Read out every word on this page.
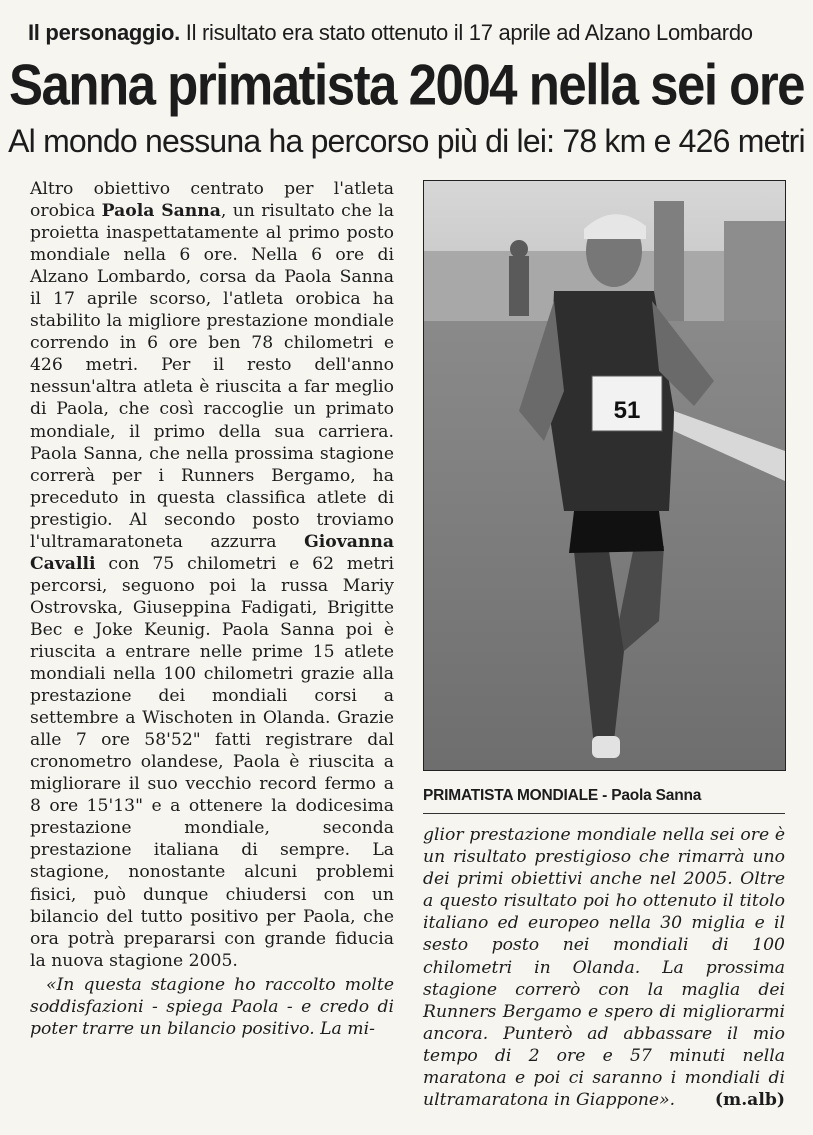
Il personaggio. Il risultato era stato ottenuto il 17 aprile ad Alzano Lombardo
Sanna primatista 2004 nella sei ore
Al mondo nessuna ha percorso più di lei: 78 km e 426 metri

Altro obiettivo centrato per l'atleta orobica Paola Sanna, un risultato che la proietta inaspettatamente al primo posto mondiale nella 6 ore. Nella 6 ore di Alzano Lombardo, corsa da Paola Sanna il 17 aprile scorso, l'atleta orobica ha stabilito la migliore prestazione mondiale correndo in 6 ore ben 78 chilometri e 426 metri. Per il resto dell'anno nessun'altra atleta è riuscita a far meglio di Paola, che così raccoglie un primato mondiale, il primo della sua carriera. Paola Sanna, che nella prossima stagione correrà per i Runners Bergamo, ha preceduto in questa classifica atlete di prestigio. Al secondo posto troviamo l'ultramaratoneta azzurra Giovanna Cavalli con 75 chilometri e 62 metri percorsi, seguono poi la russa Mariy Ostrovska, Giuseppina Fadigati, Brigitte Bec e Joke Keunig. Paola Sanna poi è riuscita a entrare nelle prime 15 atlete mondiali nella 100 chilometri grazie alla prestazione dei mondiali corsi a settembre a Wischoten in Olanda. Grazie alle 7 ore 58'52" fatti registrare dal cronometro olandese, Paola è riuscita a migliorare il suo vecchio record fermo a 8 ore 15'13" e a ottenere la dodicesima prestazione mondiale, seconda prestazione italiana di sempre. La stagione, nonostante alcuni problemi fisici, può dunque chiudersi con un bilancio del tutto positivo per Paola, che ora potrà prepararsi con grande fiducia la nuova stagione 2005.

«In questa stagione ho raccolto molte soddisfazioni - spiega Paola - e credo di poter trarre un bilancio positivo. La mi-

51
PRIMATISTA MONDIALE - Paola Sanna

glior prestazione mondiale nella sei ore è un risultato prestigioso che rimarrà uno dei primi obiettivi anche nel 2005. Oltre a questo risultato poi ho ottenuto il titolo italiano ed europeo nella 30 miglia e il sesto posto nei mondiali di 100 chilometri in Olanda. La prossima stagione correrò con la maglia dei Runners Bergamo e spero di migliorarmi ancora. Punterò ad abbassare il mio tempo di 2 ore e 57 minuti nella maratona e poi ci saranno i mondiali di ultramaratona in Giappone». (m.alb)
